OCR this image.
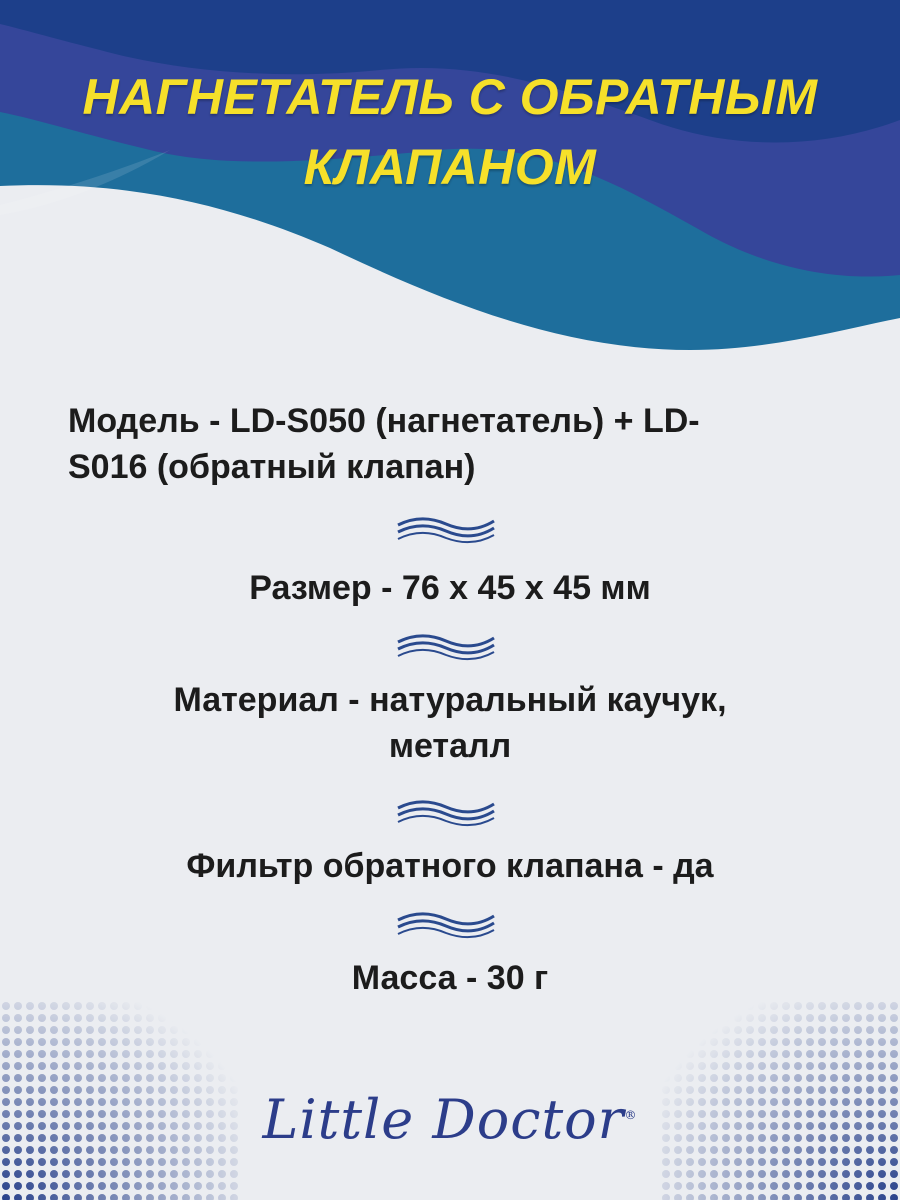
НАГНЕТАТЕЛЬ С ОБРАТНЫМ
КЛАПАНОМ
Модель - LD-S050 (нагнетатель) + LD-
S016 (обратный клапан)
Размер - 76 х 45 х 45 мм
Материал - натуральный каучук,
металл
Фильтр обратного клапана - да
Масса - 30 г
Little Doctor®
